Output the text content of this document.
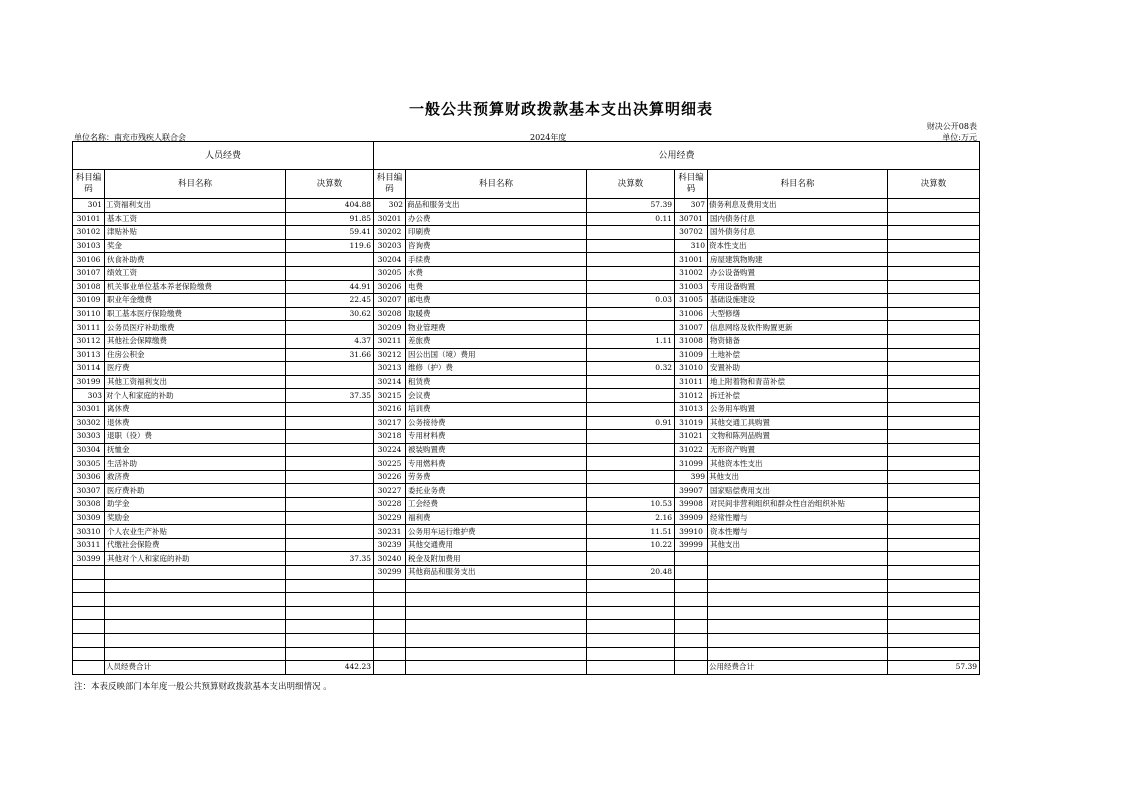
一般公共预算财政拨款基本支出决算明细表
财决公开08表
单位名称：南充市残疾人联合会	2024年度	单位:万元
人员经费			公用经费					
科目编码	科目名称	决算数	科目编码	科目名称	决算数	科目编码	科目名称	决算数
301	工资福利支出	404.88	302	商品和服务支出	57.39	307	债务利息及费用支出	
30101	基本工资	91.85	30201	办公费	0.11	30701	国内债务付息	
30102	津贴补贴	59.41	30202	印刷费		30702	国外债务付息	
30103	奖金	119.6	30203	咨询费		310	资本性支出	
30106	伙食补助费		30204	手续费		31001	房屋建筑物购建	
30107	绩效工资		30205	水费		31002	办公设备购置	
30108	机关事业单位基本养老保险缴费	44.91	30206	电费		31003	专用设备购置	
30109	职业年金缴费	22.45	30207	邮电费	0.03	31005	基础设施建设	
30110	职工基本医疗保险缴费	30.62	30208	取暖费		31006	大型修缮	
30111	公务员医疗补助缴费		30209	物业管理费		31007	信息网络及软件购置更新	
30112	其他社会保障缴费	4.37	30211	差旅费	1.11	31008	物资储备	
30113	住房公积金	31.66	30212	因公出国（境）费用		31009	土地补偿	
30114	医疗费		30213	维修（护）费	0.32	31010	安置补助	
30199	其他工资福利支出		30214	租赁费		31011	地上附着物和青苗补偿	
303	对个人和家庭的补助	37.35	30215	会议费		31012	拆迁补偿	
30301	离休费		30216	培训费		31013	公务用车购置	
30302	退休费		30217	公务接待费	0.91	31019	其他交通工具购置	
30303	退职（役）费		30218	专用材料费		31021	文物和陈列品购置	
30304	抚恤金		30224	被装购置费		31022	无形资产购置	
30305	生活补助		30225	专用燃料费		31099	其他资本性支出	
30306	救济费		30226	劳务费		399	其他支出	
30307	医疗费补助		30227	委托业务费		39907	国家赔偿费用支出	
30308	助学金		30228	工会经费	10.53	39908	对民间非营利组织和群众性自治组织补贴	
30309	奖励金		30229	福利费	2.16	39909	经常性赠与	
30310	个人农业生产补贴		30231	公务用车运行维护费	11.51	39910	资本性赠与	
30311	代缴社会保险费		30239	其他交通费用	10.22	39999	其他支出	
30399	其他对个人和家庭的补助	37.35	30240	税金及附加费用				
			30299	其他商品和服务支出	20.48			

	人员经费合计	442.23					公用经费合计	57.39
注：本表反映部门本年度一般公共预算财政拨款基本支出明细情况 。
